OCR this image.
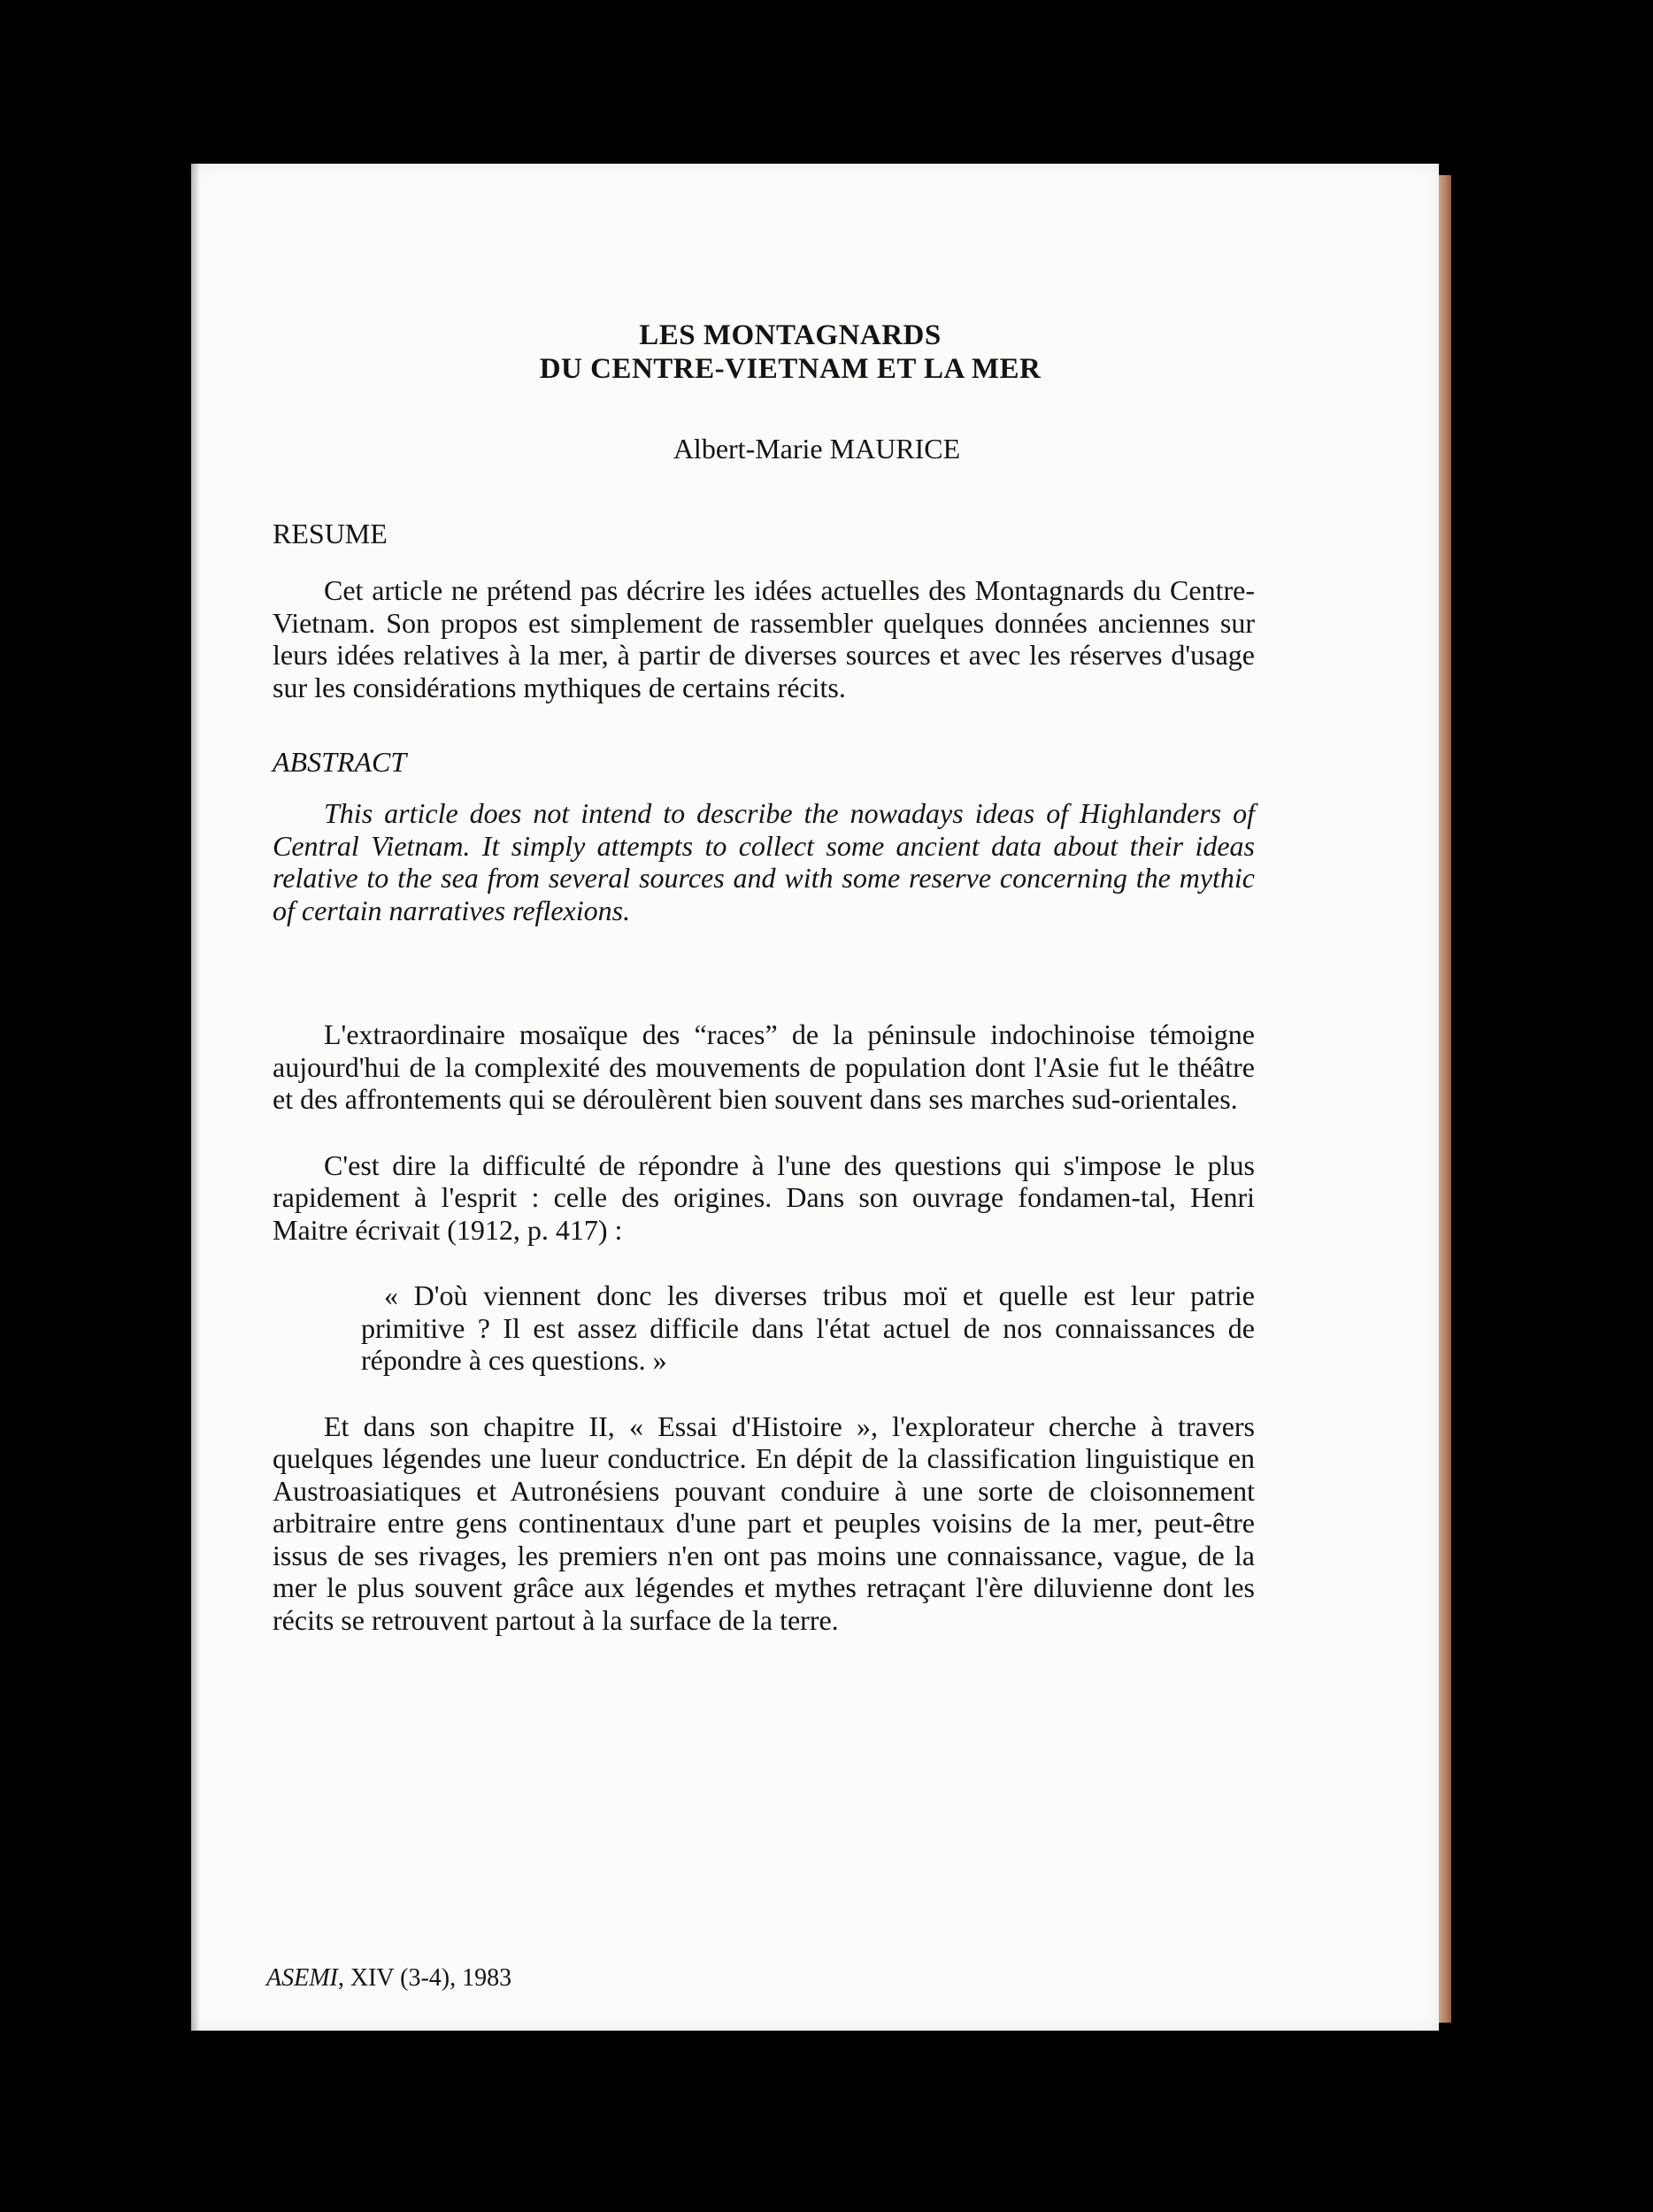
LES MONTAGNARDS
DU CENTRE-VIETNAM ET LA MER
Albert-Marie MAURICE
RESUME

Cet article ne prétend pas décrire les idées actuelles des Montagnards du Centre-Vietnam. Son propos est simplement de rassembler quelques données anciennes sur leurs idées relatives à la mer, à partir de diverses sources et avec les réserves d'usage sur les considérations mythiques de certains récits.

ABSTRACT

This article does not intend to describe the nowadays ideas of Highlanders of Central Vietnam. It simply attempts to collect some ancient data about their ideas relative to the sea from several sources and with some reserve concerning the mythic of certain narratives reflexions.

L'extraordinaire mosaïque des “races” de la péninsule indochinoise témoigne aujourd'hui de la complexité des mouvements de population dont l'Asie fut le théâtre et des affrontements qui se déroulèrent bien souvent dans ses marches sud-orientales.

C'est dire la difficulté de répondre à l'une des questions qui s'impose le plus rapidement à l'esprit : celle des origines. Dans son ouvrage fondamen-tal, Henri Maitre écrivait (1912, p. 417) :

« D'où viennent donc les diverses tribus moï et quelle est leur patrie primitive ? Il est assez difficile dans l'état actuel de nos connaissances de répondre à ces questions. »

Et dans son chapitre II, « Essai d'Histoire », l'explorateur cherche à travers quelques légendes une lueur conductrice. En dépit de la classification linguistique en Austroasiatiques et Autronésiens pouvant conduire à une sorte de cloisonnement arbitraire entre gens continentaux d'une part et peuples voisins de la mer, peut-être issus de ses rivages, les premiers n'en ont pas moins une connaissance, vague, de la mer le plus souvent grâce aux légendes et mythes retraçant l'ère diluvienne dont les récits se retrouvent partout à la surface de la terre.

ASEMI, XIV (3-4), 1983
